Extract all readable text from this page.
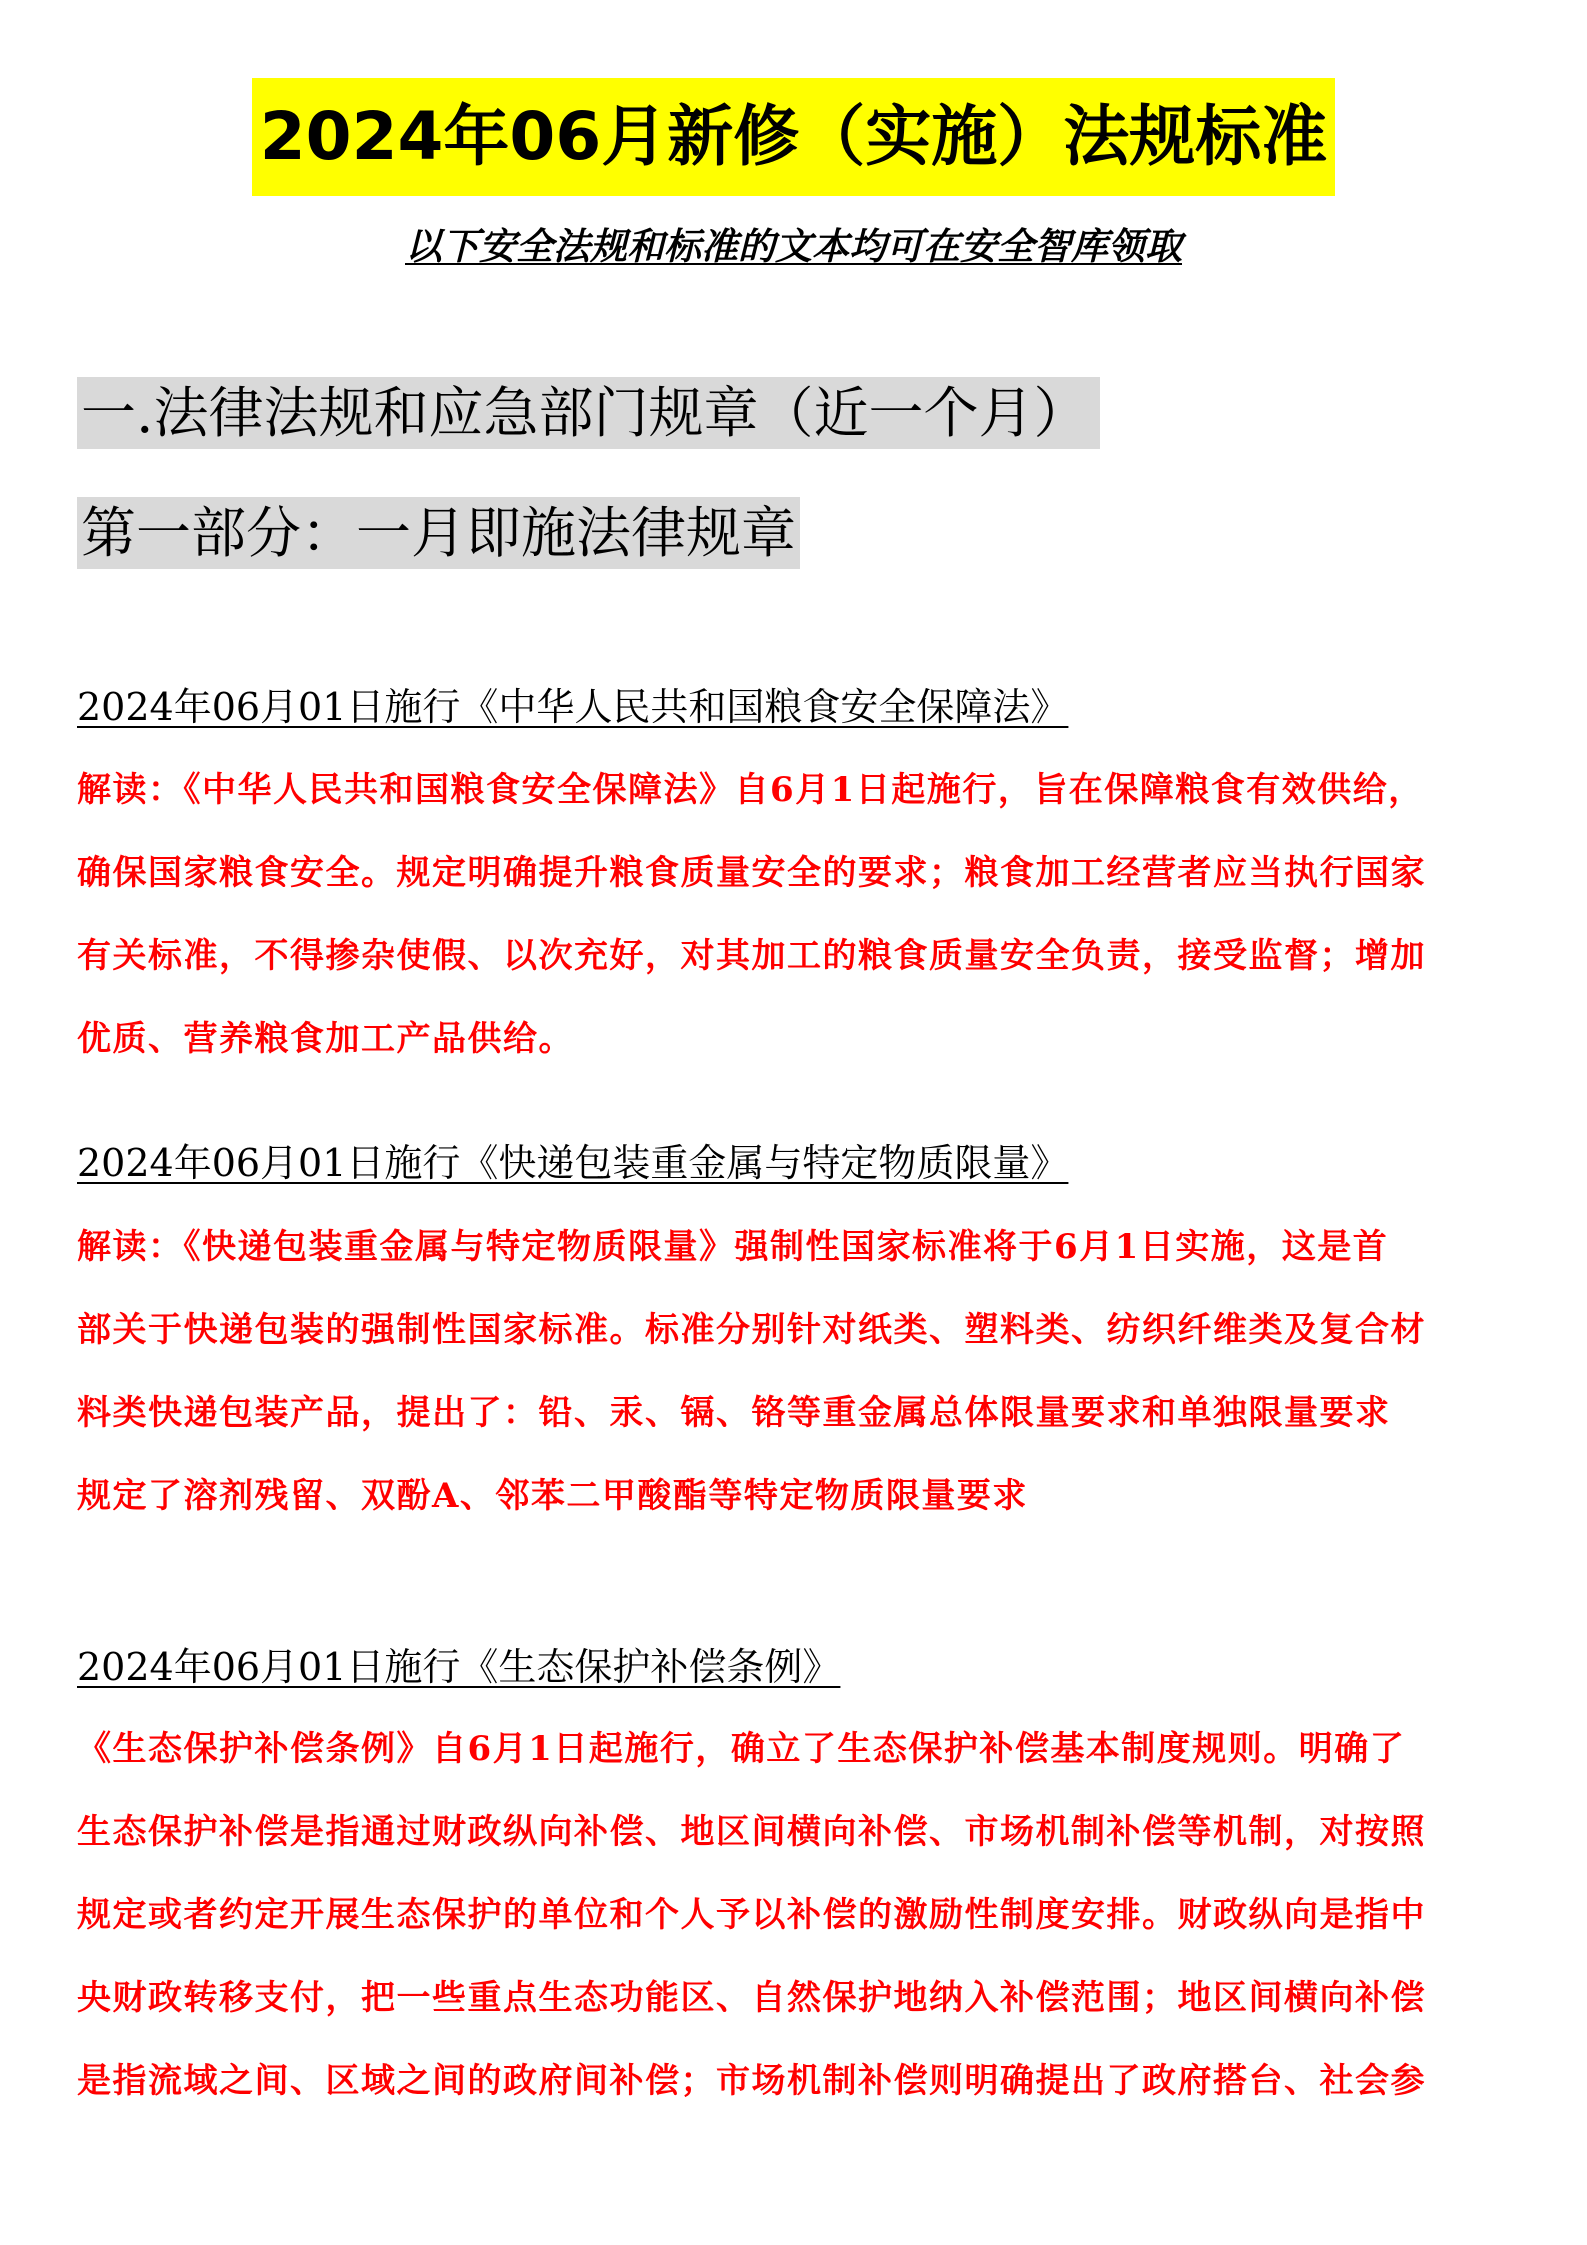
2024年06月新修（实施）法规标准
以下安全法规和标准的文本均可在安全智库领取
一.法律法规和应急部门规章（近一个月）
第一部分：一月即施法律规章
2024年06月01日施行《中华人民共和国粮食安全保障法》
解读：《中华人民共和国粮食安全保障法》自6月1日起施行，旨在保障粮食有效供给，
确保国家粮食安全。规定明确提升粮食质量安全的要求；粮食加工经营者应当执行国家
有关标准，不得掺杂使假、以次充好，对其加工的粮食质量安全负责，接受监督；增加
优质、营养粮食加工产品供给。
2024年06月01日施行《快递包装重金属与特定物质限量》
解读：《快递包装重金属与特定物质限量》强制性国家标准将于6月1日实施，这是首
部关于快递包装的强制性国家标准。标准分别针对纸类、塑料类、纺织纤维类及复合材
料类快递包装产品，提出了：铅、汞、镉、铬等重金属总体限量要求和单独限量要求
规定了溶剂残留、双酚A、邻苯二甲酸酯等特定物质限量要求
2024年06月01日施行《生态保护补偿条例》
《生态保护补偿条例》自6月1日起施行，确立了生态保护补偿基本制度规则。明确了
生态保护补偿是指通过财政纵向补偿、地区间横向补偿、市场机制补偿等机制，对按照
规定或者约定开展生态保护的单位和个人予以补偿的激励性制度安排。财政纵向是指中
央财政转移支付，把一些重点生态功能区、自然保护地纳入补偿范围；地区间横向补偿
是指流域之间、区域之间的政府间补偿；市场机制补偿则明确提出了政府搭台、社会参
